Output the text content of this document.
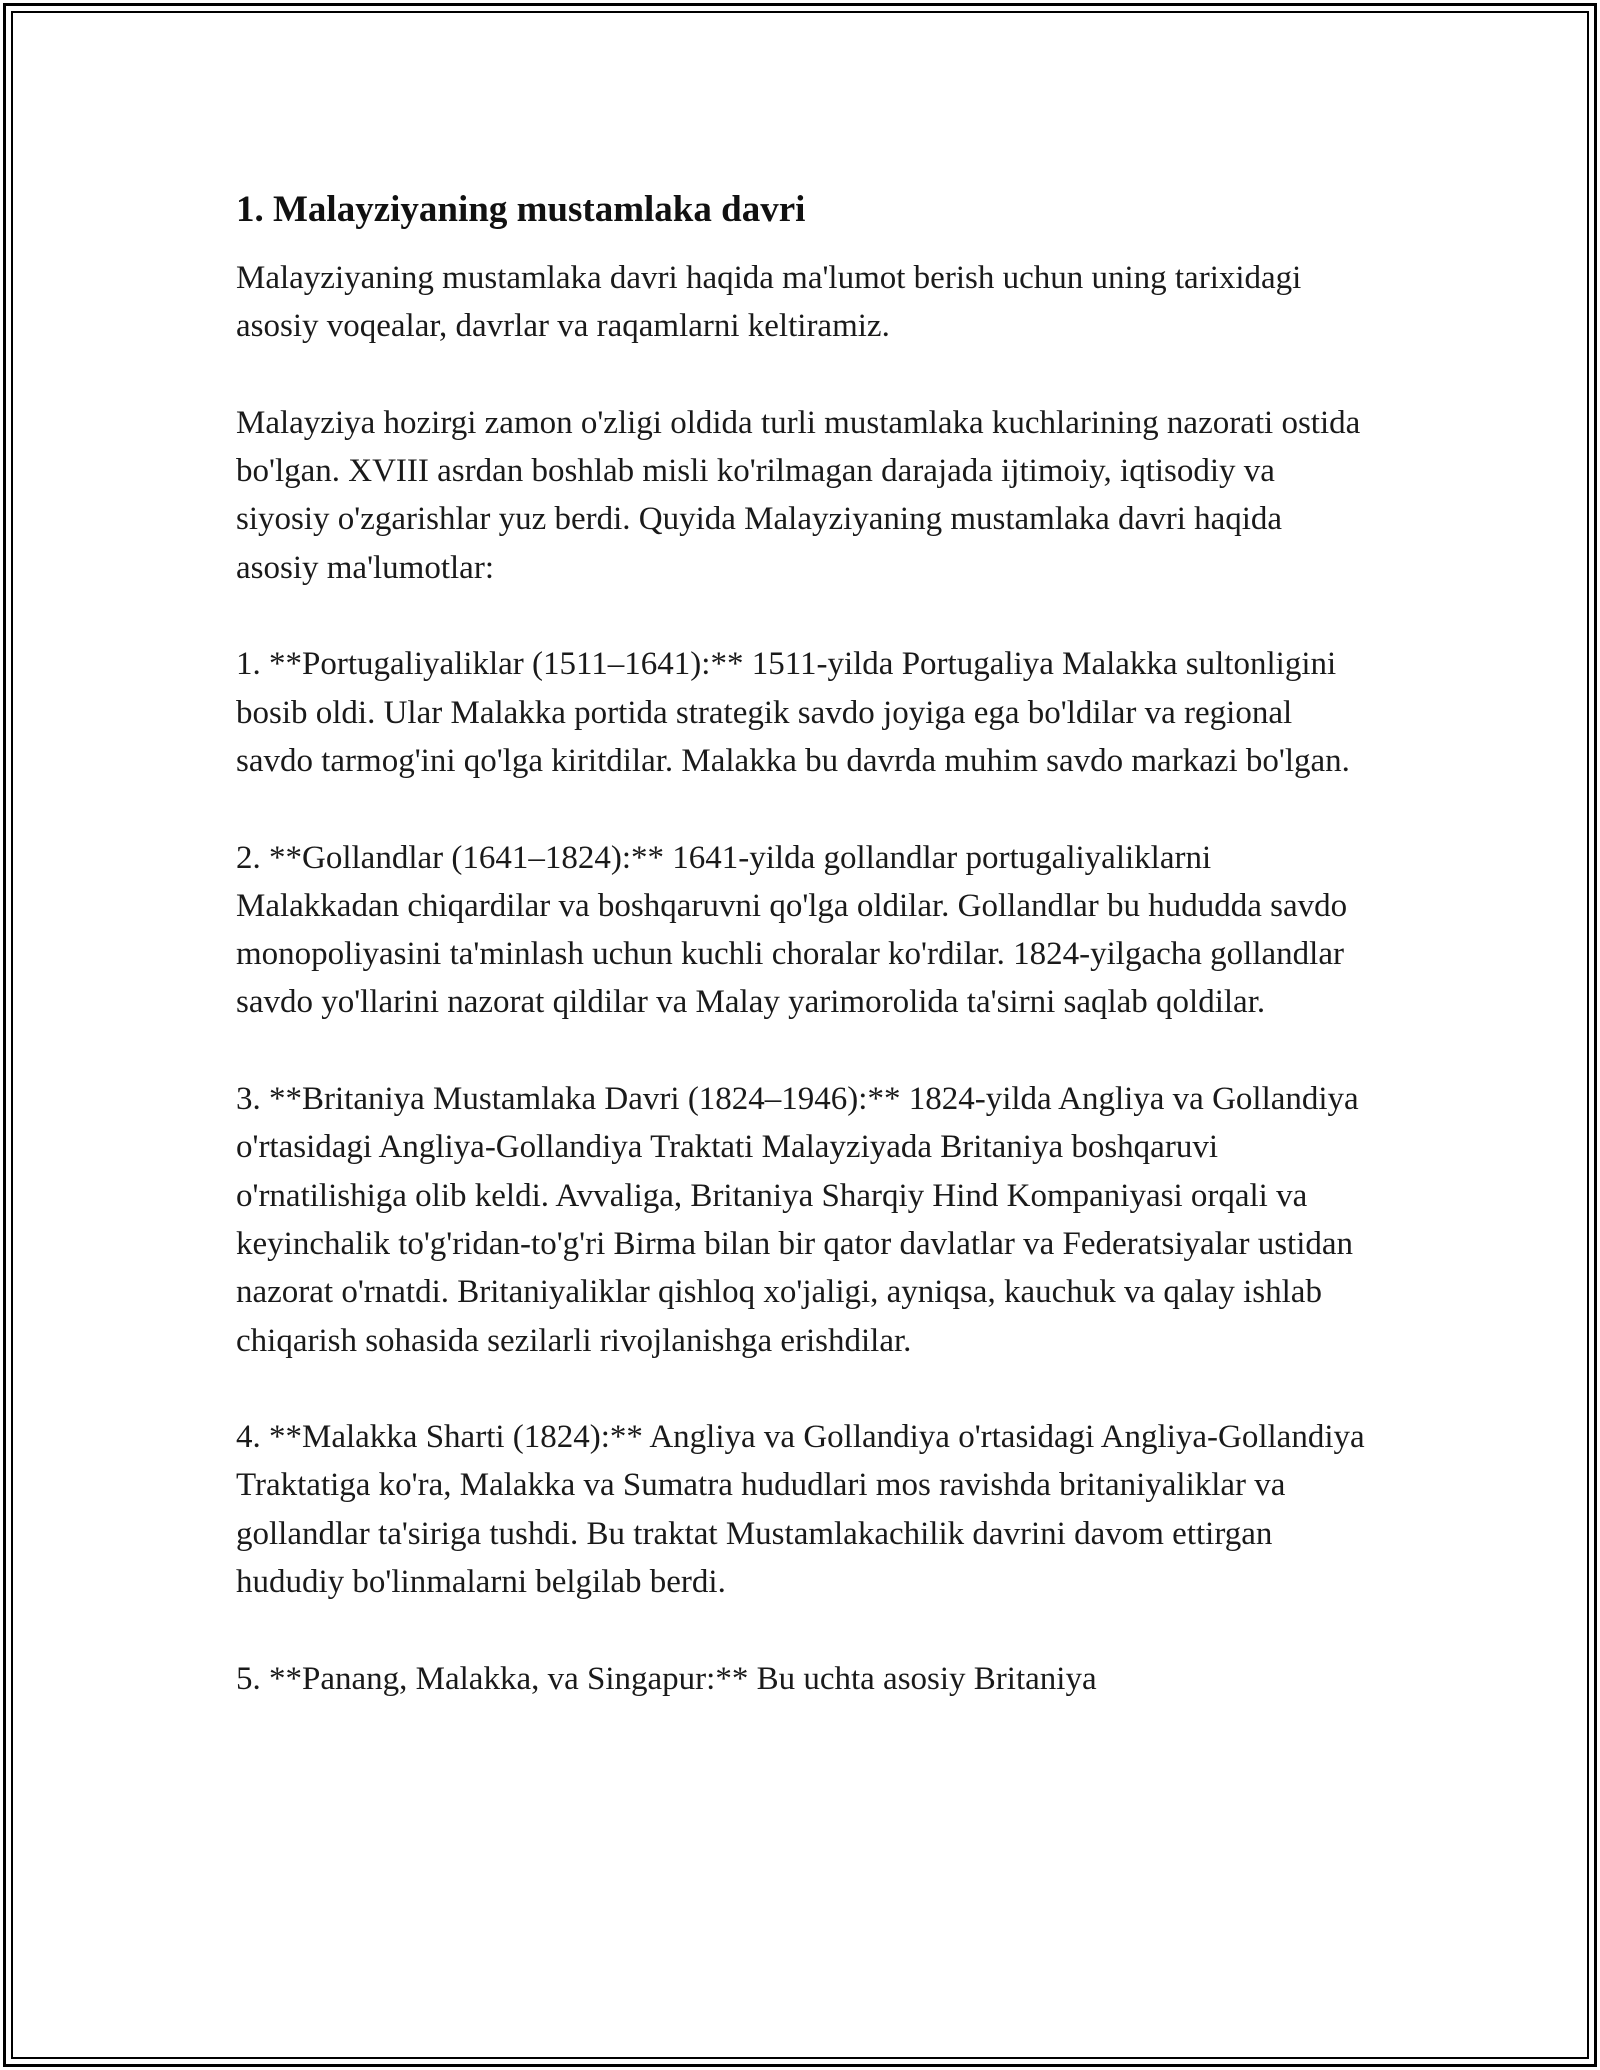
1. Malayziyaning mustamlaka davri

Malayziyaning mustamlaka davri haqida ma'lumot berish uchun uning tarixidagi asosiy voqealar, davrlar va raqamlarni keltiramiz.

Malayziya hozirgi zamon o'zligi oldida turli mustamlaka kuchlarining nazorati ostida bo'lgan. XVIII asrdan boshlab misli ko'rilmagan darajada ijtimoiy, iqtisodiy va siyosiy o'zgarishlar yuz berdi. Quyida Malayziyaning mustamlaka davri haqida asosiy ma'lumotlar:

1. **Portugaliyaliklar (1511–1641):** 1511-yilda Portugaliya Malakka sultonligini bosib oldi. Ular Malakka portida strategik savdo joyiga ega bo'ldilar va regional savdo tarmog'ini qo'lga kiritdilar. Malakka bu davrda muhim savdo markazi bo'lgan.

2. **Gollandlar (1641–1824):** 1641-yilda gollandlar portugaliyaliklarni Malakkadan chiqardilar va boshqaruvni qo'lga oldilar. Gollandlar bu hududda savdo monopoliyasini ta'minlash uchun kuchli choralar ko'rdilar. 1824-yilgacha gollandlar savdo yo'llarini nazorat qildilar va Malay yarimorolida ta'sirni saqlab qoldilar.

3. **Britaniya Mustamlaka Davri (1824–1946):** 1824-yilda Angliya va Gollandiya o'rtasidagi Angliya-Gollandiya Traktati Malayziyada Britaniya boshqaruvi o'rnatilishiga olib keldi. Avvaliga, Britaniya Sharqiy Hind Kompaniyasi orqali va keyinchalik to'g'ridan-to'g'ri Birma bilan bir qator davlatlar va Federatsiyalar ustidan nazorat o'rnatdi. Britaniyaliklar qishloq xo'jaligi, ayniqsa, kauchuk va qalay ishlab chiqarish sohasida sezilarli rivojlanishga erishdilar.

4. **Malakka Sharti (1824):** Angliya va Gollandiya o'rtasidagi Angliya-Gollandiya Traktatiga ko'ra, Malakka va Sumatra hududlari mos ravishda britaniyaliklar va gollandlar ta'siriga tushdi. Bu traktat Mustamlakachilik davrini davom ettirgan hududiy bo'linmalarni belgilab berdi.

5. **Panang, Malakka, va Singapur:** Bu uchta asosiy Britaniya
